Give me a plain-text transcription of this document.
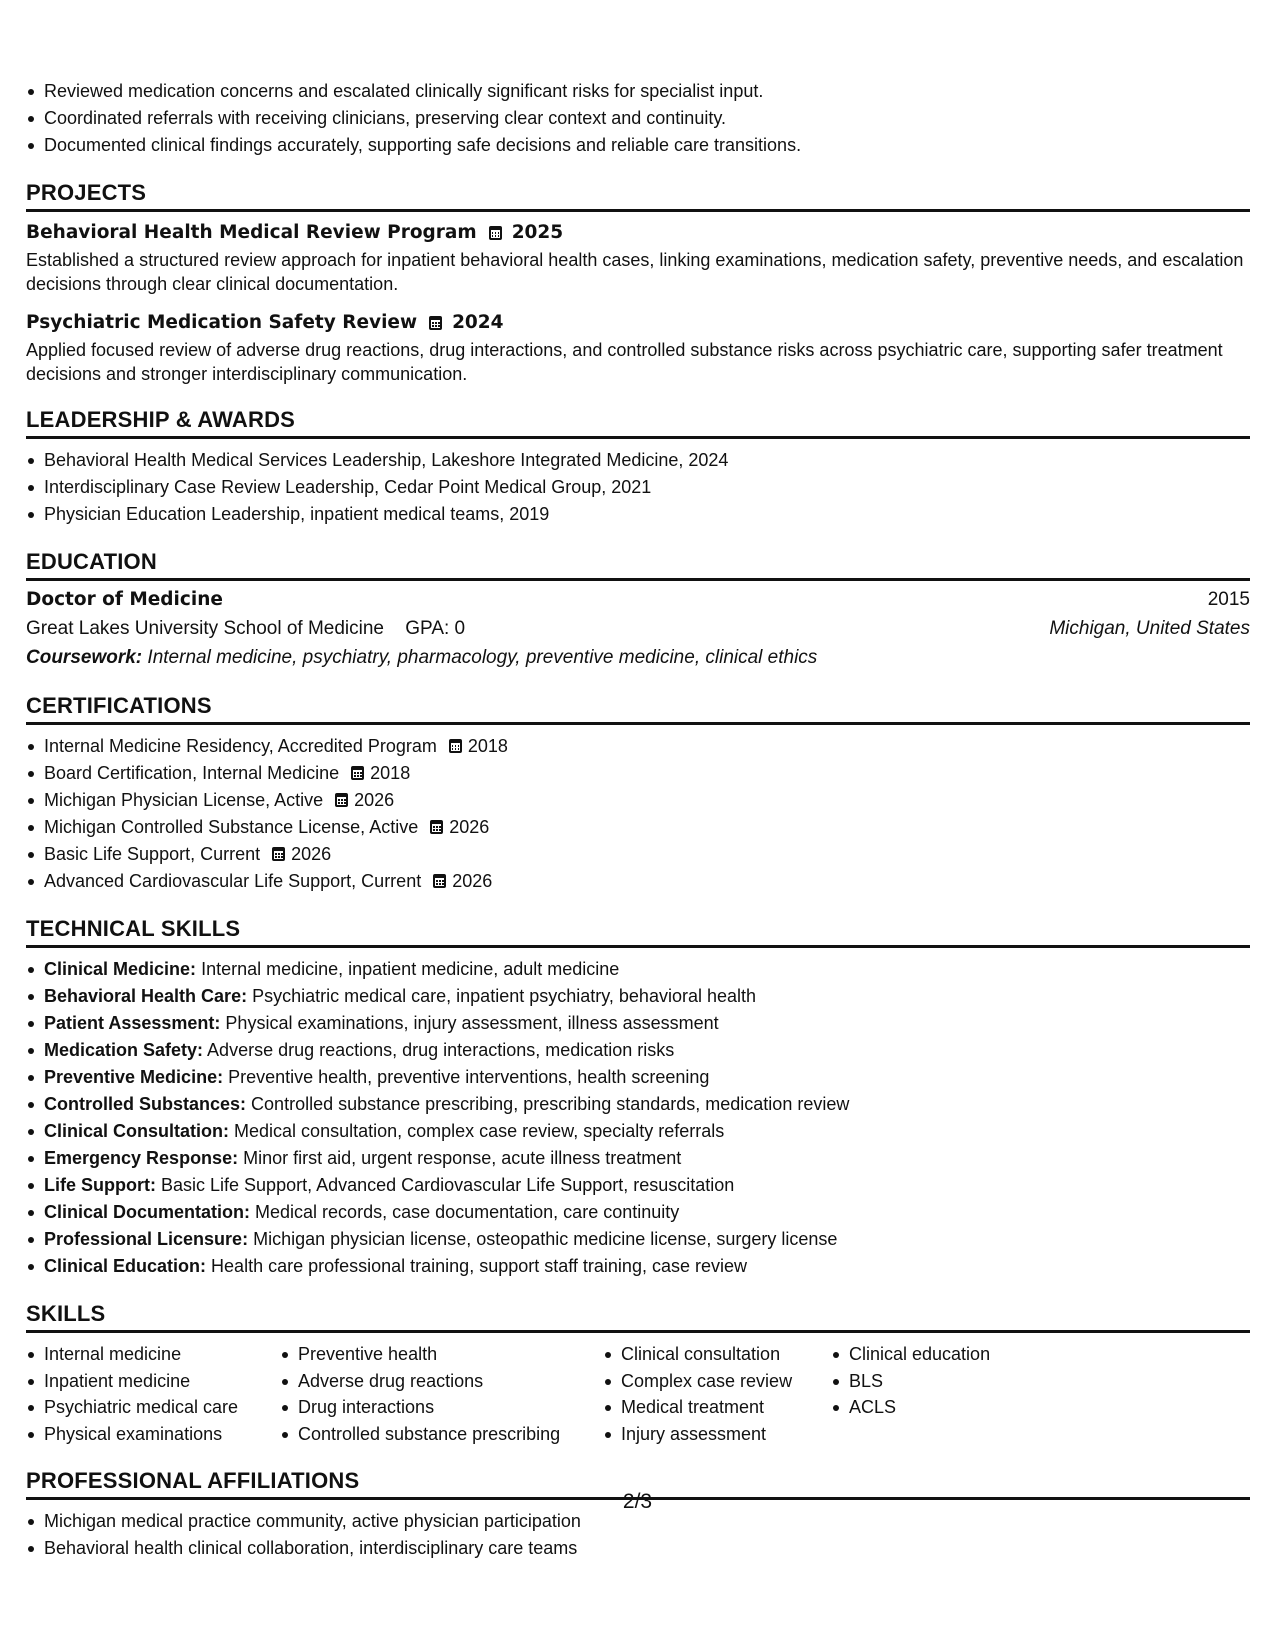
Reviewed medication concerns and escalated clinically significant risks for specialist input.
Coordinated referrals with receiving clinicians, preserving clear context and continuity.
Documented clinical findings accurately, supporting safe decisions and reliable care transitions.
PROJECTS
Behavioral Health Medical Review Program 2025

Established a structured review approach for inpatient behavioral health cases, linking examinations, medication safety, preventive needs, and escalation decisions through clear clinical documentation.

Psychiatric Medication Safety Review 2024

Applied focused review of adverse drug reactions, drug interactions, and controlled substance risks across psychiatric care, supporting safer treatment decisions and stronger interdisciplinary communication.

LEADERSHIP & AWARDS
Behavioral Health Medical Services Leadership, Lakeshore Integrated Medicine, 2024
Interdisciplinary Case Review Leadership, Cedar Point Medical Group, 2021
Physician Education Leadership, inpatient medical teams, 2019
EDUCATION
Doctor of Medicine	2015
Great Lakes University School of Medicine GPA: 0	Michigan, United States
Coursework: Internal medicine, psychiatry, pharmacology, preventive medicine, clinical ethics
CERTIFICATIONS
Internal Medicine Residency, Accredited Program 2018
Board Certification, Internal Medicine 2018
Michigan Physician License, Active 2026
Michigan Controlled Substance License, Active 2026
Basic Life Support, Current 2026
Advanced Cardiovascular Life Support, Current 2026
TECHNICAL SKILLS
Clinical Medicine: Internal medicine, inpatient medicine, adult medicine
Behavioral Health Care: Psychiatric medical care, inpatient psychiatry, behavioral health
Patient Assessment: Physical examinations, injury assessment, illness assessment
Medication Safety: Adverse drug reactions, drug interactions, medication risks
Preventive Medicine: Preventive health, preventive interventions, health screening
Controlled Substances: Controlled substance prescribing, prescribing standards, medication review
Clinical Consultation: Medical consultation, complex case review, specialty referrals
Emergency Response: Minor first aid, urgent response, acute illness treatment
Life Support: Basic Life Support, Advanced Cardiovascular Life Support, resuscitation
Clinical Documentation: Medical records, case documentation, care continuity
Professional Licensure: Michigan physician license, osteopathic medicine license, surgery license
Clinical Education: Health care professional training, support staff training, case review
SKILLS
Internal medicine
Inpatient medicine
Psychiatric medical care
Physical examinations
Preventive health
Adverse drug reactions
Drug interactions
Controlled substance prescribing
Clinical consultation
Complex case review
Medical treatment
Injury assessment
Clinical education
BLS
ACLS
PROFESSIONAL AFFILIATIONS
Michigan medical practice community, active physician participation
Behavioral health clinical collaboration, interdisciplinary care teams
2/3
